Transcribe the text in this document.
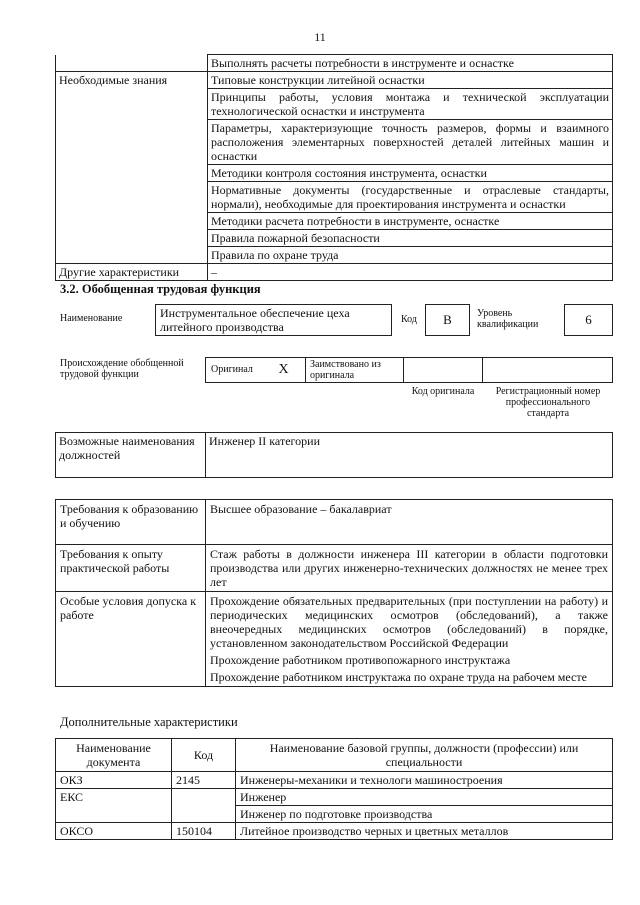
11
	Выполнять расчеты потребности в инструменте и оснастке
Необходимые знания	Типовые конструкции литейной оснастки
	Принципы работы, условия монтажа и технической эксплуатации технологической оснастки и инструмента
	Параметры, характеризующие точность размеров, формы и взаимного расположения элементарных поверхностей деталей литейных машин и оснастки
	Методики контроля состояния инструмента, оснастки
	Нормативные документы (государственные и отраслевые стандарты, нормали), необходимые для проектирования инструмента и оснастки
	Методики расчета потребности в инструменте, оснастке
	Правила пожарной безопасности
	Правила по охране труда
Другие характеристики	–
3.2. Обобщенная трудовая функция
Наименование	Инструментальное обеспечение цеха литейного производства
Код	В	Уровень квалификации	6
Происхождение обобщенной трудовой функции	Оригинал	X	Заимствовано из оригинала
Код оригинала	Регистрационный номер профессионального стандарта
Возможные наименования должностей	Инженер II категории
Требования к образованию и обучению	Высшее образование – бакалавриат
Требования к опыту практической работы	Стаж работы в должности инженера III категории в области подготовки производства или других инженерно-технических должностях не менее трех лет
Особые условия допуска к работе	Прохождение обязательных предварительных (при поступлении на работу) и периодических медицинских осмотров (обследований), а также внеочередных медицинских осмотров (обследований) в порядке, установленном законодательством Российской Федерации

Прохождение работником противопожарного инструктажа

Прохождение работником инструктажа по охране труда на рабочем месте

Дополнительные характеристики
Наименование документа	Код	Наименование базовой группы, должности (профессии) или специальности
ОКЗ	2145	Инженеры-механики и технологи машиностроения
ЕКС		Инженер
		Инженер по подготовке производства
ОКСО	150104	Литейное производство черных и цветных металлов
